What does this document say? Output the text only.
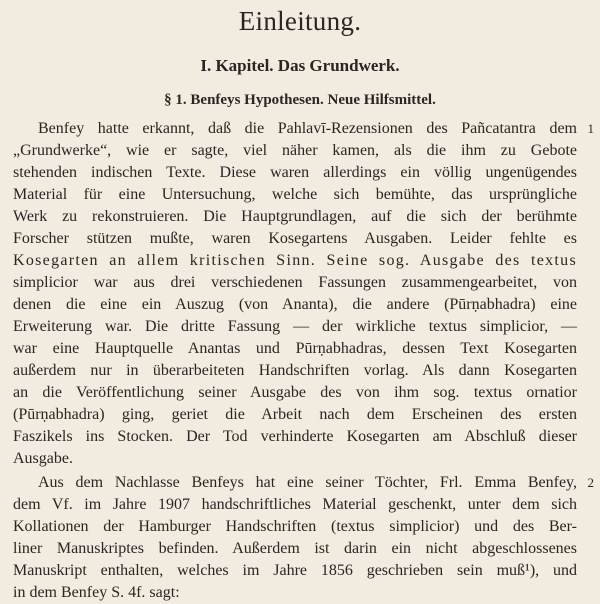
Einleitung.
I. Kapitel. Das Grundwerk.
§ 1. Benfeys Hypothesen. Neue Hilfsmittel.
Benfey hatte erkannt, daß die Pahlavī-Rezensionen des Pañcatantra dem
„Grundwerke“, wie er sagte, viel näher kamen, als die ihm zu Gebote
stehenden indischen Texte. Diese waren allerdings ein völlig ungenügendes
Material für eine Untersuchung, welche sich bemühte, das ursprüngliche
Werk zu rekonstruieren. Die Hauptgrundlagen, auf die sich der berühmte
Forscher stützen mußte, waren Kosegartens Ausgaben. Leider fehlte es
Kosegarten an allem kritischen Sinn. Seine sog. Ausgabe des textus
simplicior war aus drei verschiedenen Fassungen zusammengearbeitet, von
denen die eine ein Auszug (von Ananta), die andere (Pūrṇabhadra) eine
Erweiterung war. Die dritte Fassung — der wirkliche textus simplicior, —
war eine Hauptquelle Anantas und Pūrṇabhadras, dessen Text Kosegarten
außerdem nur in überarbeiteten Handschriften vorlag. Als dann Kosegarten
an die Veröffentlichung seiner Ausgabe des von ihm sog. textus ornatior
(Pūrṇabhadra) ging, geriet die Arbeit nach dem Erscheinen des ersten
Faszikels ins Stocken. Der Tod verhinderte Kosegarten am Abschluß dieser
Ausgabe.
Aus dem Nachlasse Benfeys hat eine seiner Töchter, Frl. Emma Benfey,
dem Vf. im Jahre 1907 handschriftliches Material geschenkt, unter dem sich
Kollationen der Hamburger Handschriften (textus simplicior) und des Ber-
liner Manuskriptes befinden. Außerdem ist darin ein nicht abgeschlossenes
Manuskript enthalten, welches im Jahre 1856 geschrieben sein muß¹), und
in dem Benfey S. 4f. sagt:
1
2
